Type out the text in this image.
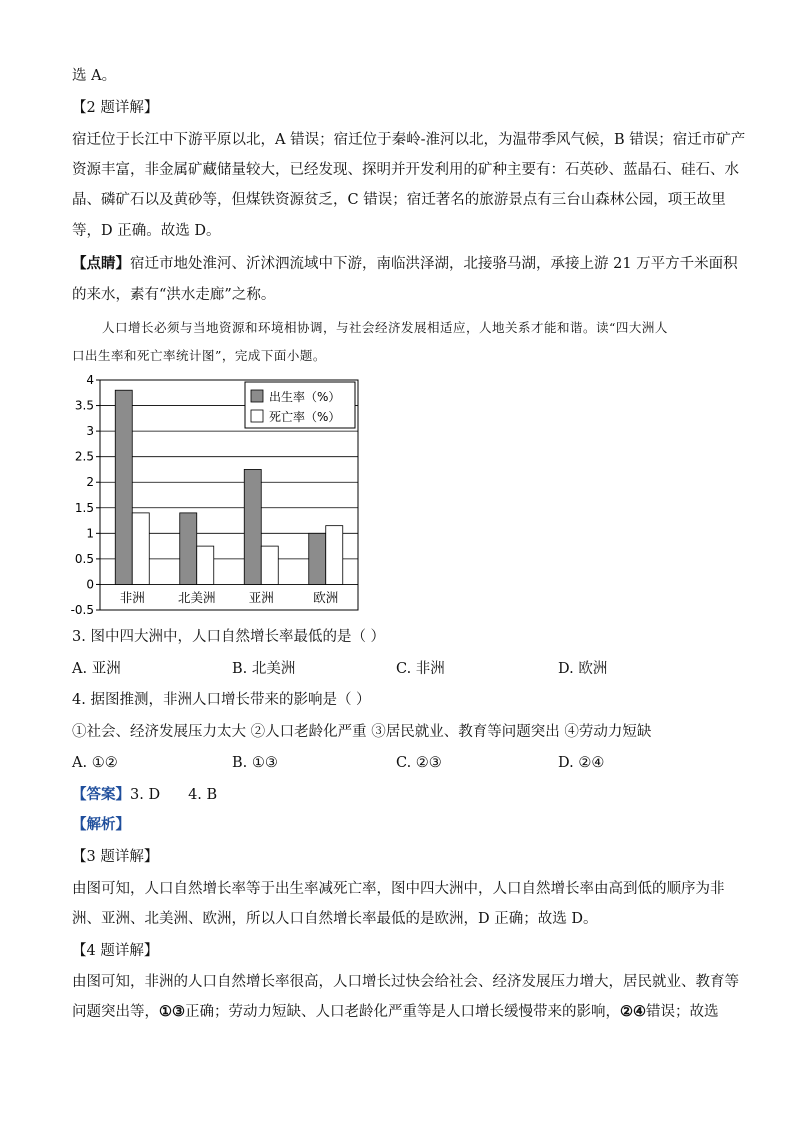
选 A。
【2 题详解】
宿迁位于长江中下游平原以北，A 错误；宿迁位于秦岭-淮河以北，为温带季风气候，B 错误；宿迁市矿产
资源丰富，非金属矿藏储量较大，已经发现、探明并开发利用的矿种主要有：石英砂、蓝晶石、硅石、水
晶、磷矿石以及黄砂等，但煤铁资源贫乏，C 错误；宿迁著名的旅游景点有三台山森林公园，项王故里
等，D 正确。故选 D。
【点睛】宿迁市地处淮河、沂沭泗流域中下游，南临洪泽湖，北接骆马湖，承接上游 21 万平方千米面积
的来水，素有“洪水走廊”之称。
人口增长必须与当地资源和环境相协调，与社会经济发展相适应，人地关系才能和谐。读“四大洲人
口出生率和死亡率统计图”，完成下面小题。
4
3.5
3
2.5
2
1.5
1
0.5
0
-0.5
非洲	北美洲	亚洲	欧洲
出生率（%）
死亡率（%）
3. 图中四大洲中，人口自然增长率最低的是（ ）
A. 亚洲	B. 北美洲	C. 非洲	D. 欧洲
4. 据图推测，非洲人口增长带来的影响是（ ）
①社会、经济发展压力太大 ②人口老龄化严重 ③居民就业、教育等问题突出 ④劳动力短缺
A. ①②	B. ①③	C. ②③	D. ②④
【答案】3. D 4. B
【解析】
【3 题详解】
由图可知，人口自然增长率等于出生率减死亡率，图中四大洲中，人口自然增长率由高到低的顺序为非
洲、亚洲、北美洲、欧洲，所以人口自然增长率最低的是欧洲，D 正确；故选 D。
【4 题详解】
由图可知，非洲的人口自然增长率很高，人口增长过快会给社会、经济发展压力增大，居民就业、教育等
问题突出等，①③正确；劳动力短缺、人口老龄化严重等是人口增长缓慢带来的影响，②④错误；故选
